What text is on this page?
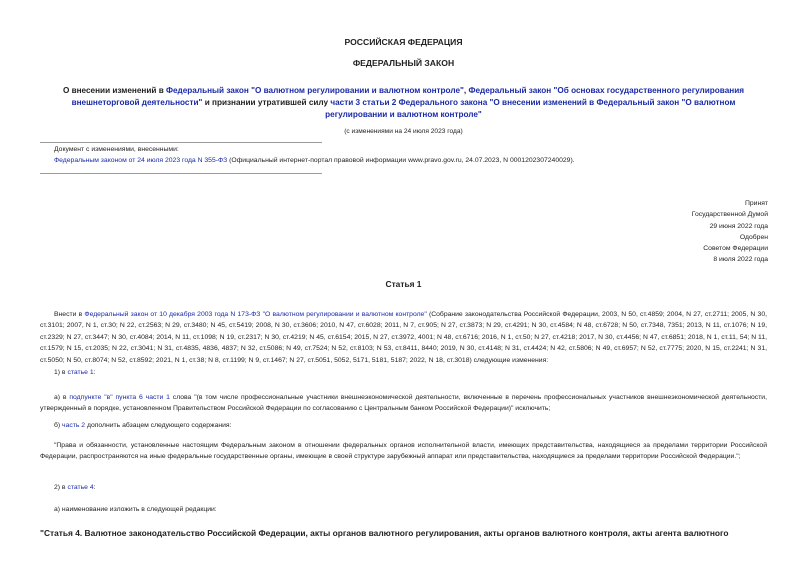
РОССИЙСКАЯ ФЕДЕРАЦИЯ
ФЕДЕРАЛЬНЫЙ ЗАКОН
О внесении изменений в Федеральный закон "О валютном регулировании и валютном контроле", Федеральный закон "Об основах государственного регулирования внешнеторговой деятельности" и признании утратившей силу части 3 статьи 2 Федерального закона "О внесении изменений в Федеральный закон "О валютном регулировании и валютном контроле"
(с изменениями на 24 июля 2023 года)
Документ с изменениями, внесенными:
Федеральным законом от 24 июля 2023 года N 355-ФЗ (Официальный интернет-портал правовой информации www.pravo.gov.ru, 24.07.2023, N 0001202307240029).
Принят
Государственной Думой
29 июня 2022 года
Одобрен
Советом Федерации
8 июля 2022 года
Статья 1
Внести в Федеральный закон от 10 декабря 2003 года N 173-ФЗ "О валютном регулировании и валютном контроле" (Собрание законодательства Российской Федерации, 2003, N 50, ст.4859; 2004, N 27, ст.2711; 2005, N 30, ст.3101; 2007, N 1, ст.30; N 22, ст.2563; N 29, ст.3480; N 45, ст.5419; 2008, N 30, ст.3606; 2010, N 47, ст.6028; 2011, N 7, ст.905; N 27, ст.3873; N 29, ст.4291; N 30, ст.4584; N 48, ст.6728; N 50, ст.7348, 7351; 2013, N 11, ст.1076; N 19, ст.2329; N 27, ст.3447; N 30, ст.4084; 2014, N 11, ст.1098; N 19, ст.2317; N 30, ст.4219; N 45, ст.6154; 2015, N 27, ст.3972, 4001; N 48, ст.6716; 2016, N 1, ст.50; N 27, ст.4218; 2017, N 30, ст.4456; N 47, ст.6851; 2018, N 1, ст.11, 54; N 11, ст.1579; N 15, ст.2035; N 22, ст.3041; N 31, ст.4835, 4836, 4837; N 32, ст.5086; N 49, ст.7524; N 52, ст.8103; N 53, ст.8411, 8440; 2019, N 30, ст.4148; N 31, ст.4424; N 42, ст.5806; N 49, ст.6957; N 52, ст.7775; 2020, N 15, ст.2241; N 31, ст.5050; N 50, ст.8074; N 52, ст.8592; 2021, N 1, ст.38; N 8, ст.1199; N 9, ст.1467; N 27, ст.5051, 5052, 5171, 5181, 5187; 2022, N 18, ст.3018) следующие изменения:
1) в статье 1:
а) в подпункте "в" пункта 6 части 1 слова "(в том числе профессиональные участники внешнеэкономической деятельности, включенные в перечень профессиональных участников внешнеэкономической деятельности, утвержденный в порядке, установленном Правительством Российской Федерации по согласованию с Центральным банком Российской Федерации)" исключить;
б) часть 2 дополнить абзацем следующего содержания:
"Права и обязанности, установленные настоящим Федеральным законом в отношении федеральных органов исполнительной власти, имеющих представительства, находящиеся за пределами территории Российской Федерации, распространяются на иные федеральные государственные органы, имеющие в своей структуре зарубежный аппарат или представительства, находящиеся за пределами территории Российской Федерации.";
2) в статье 4:
а) наименование изложить в следующей редакции:
"Статья 4. Валютное законодательство Российской Федерации, акты органов валютного регулирования, акты органов валютного контроля, акты агента валютного
